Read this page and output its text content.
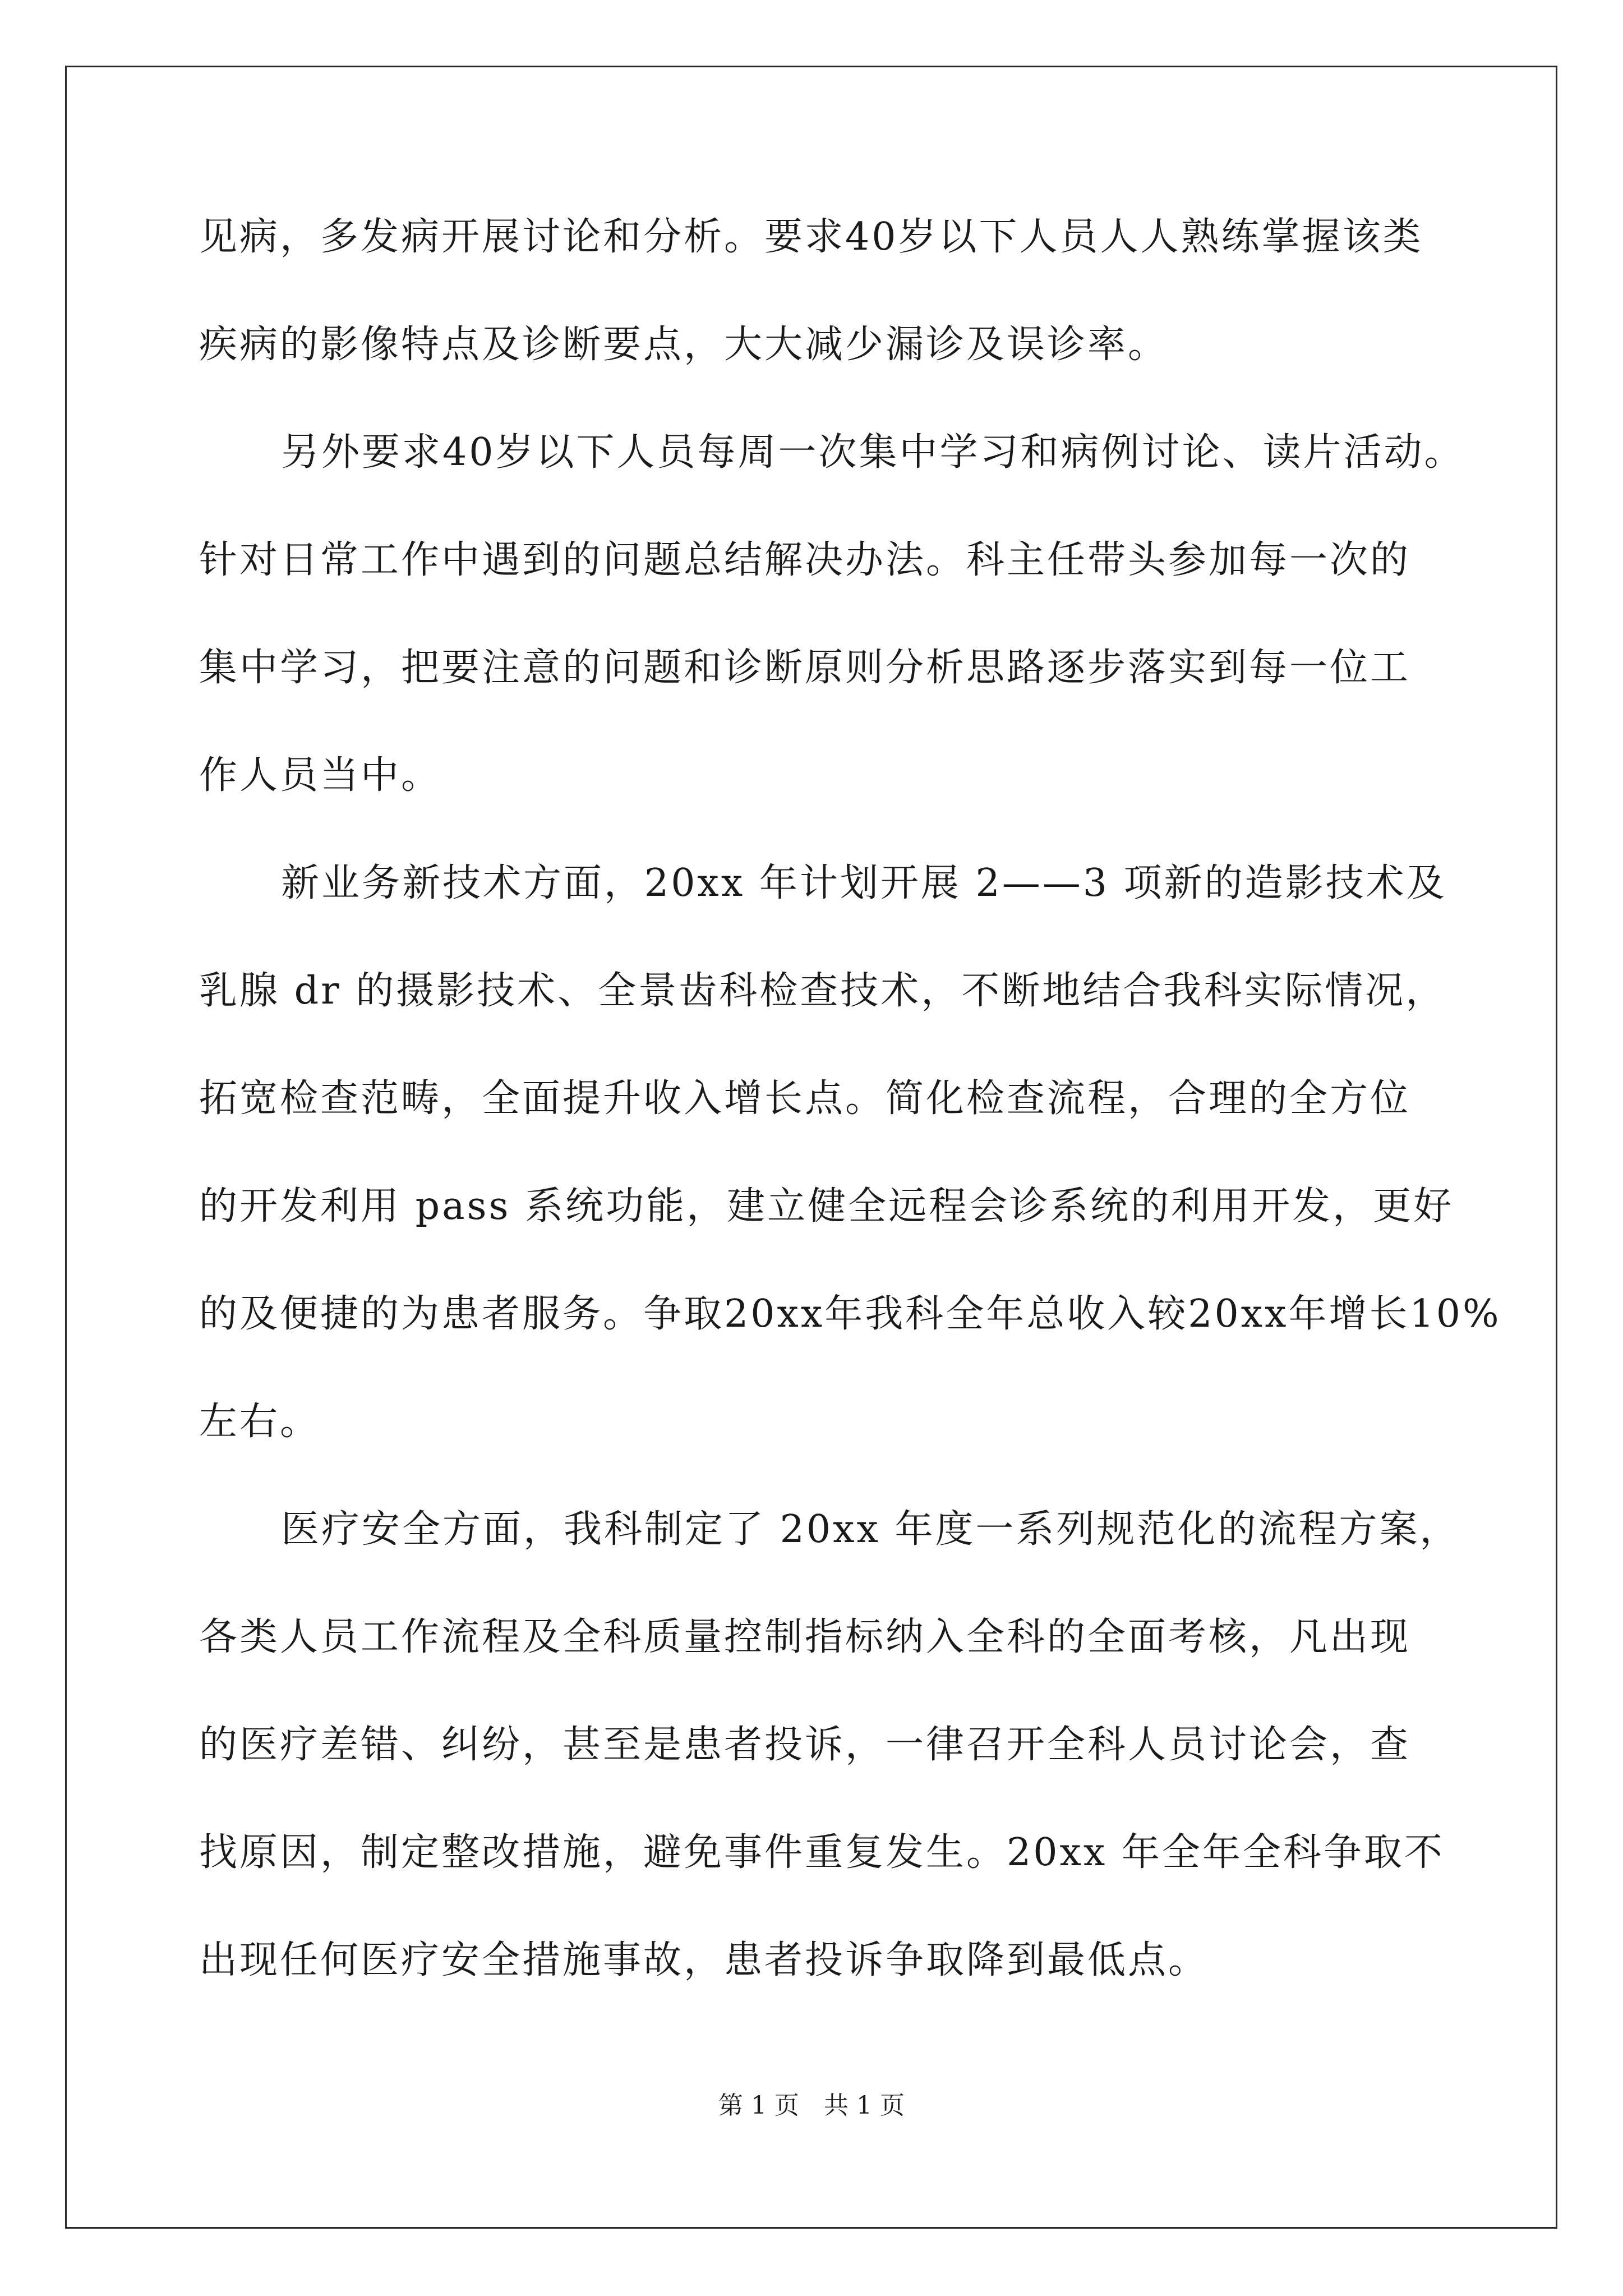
见病，多发病开展讨论和分析。要求40岁以下人员人人熟练掌握该类
疾病的影像特点及诊断要点，大大减少漏诊及误诊率。
另外要求40岁以下人员每周一次集中学习和病例讨论、读片活动。
针对日常工作中遇到的问题总结解决办法。科主任带头参加每一次的
集中学习，把要注意的问题和诊断原则分析思路逐步落实到每一位工
作人员当中。
新业务新技术方面，20xx 年计划开展 2——3 项新的造影技术及
乳腺 dr 的摄影技术、全景齿科检查技术，不断地结合我科实际情况，
拓宽检查范畴，全面提升收入增长点。简化检查流程，合理的全方位
的开发利用 pass 系统功能，建立健全远程会诊系统的利用开发，更好
的及便捷的为患者服务。争取20xx年我科全年总收入较20xx年增长10%
左右。
医疗安全方面，我科制定了 20xx 年度一系列规范化的流程方案，
各类人员工作流程及全科质量控制指标纳入全科的全面考核，凡出现
的医疗差错、纠纷，甚至是患者投诉，一律召开全科人员讨论会，查
找原因，制定整改措施，避免事件重复发生。20xx 年全年全科争取不
出现任何医疗安全措施事故，患者投诉争取降到最低点。
第 1 页　共 1 页
